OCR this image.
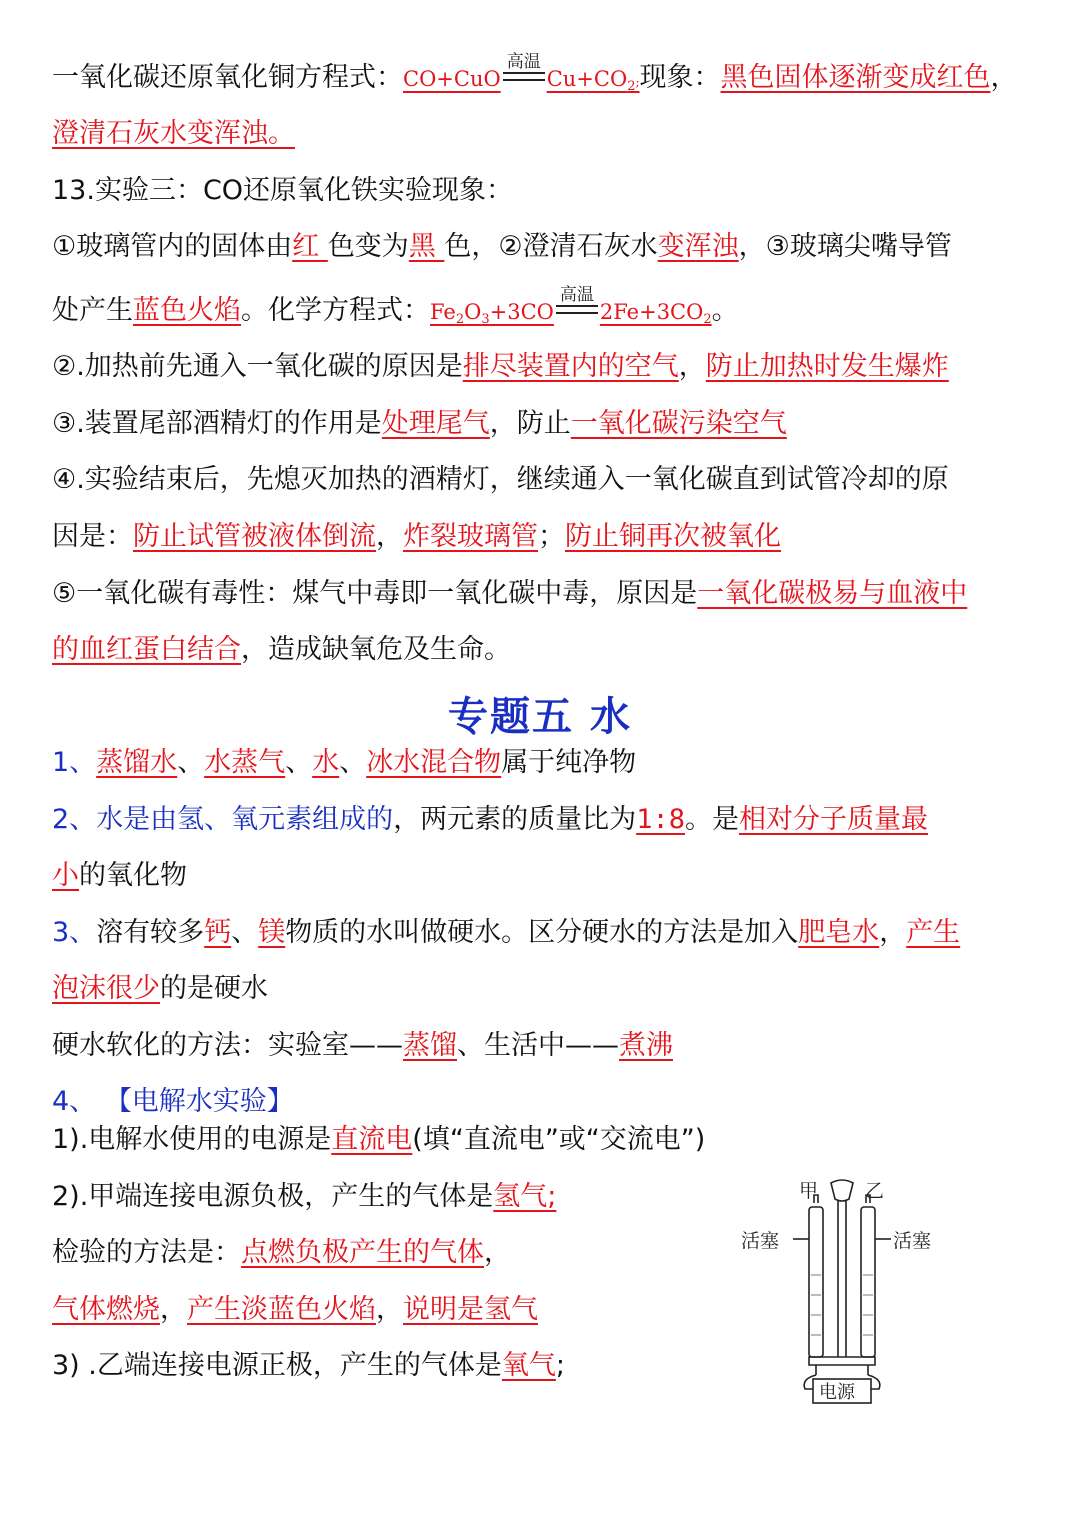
一氧化碳还原氧化铜方程式：CO+CuO
高温
$Cu+CO_2$;现象：黑色固体逐渐变成红色，
澄清石灰水变浑浊。
13.实验三：CO还原氧化铁实验现象：
①玻璃管内的固体由红 色变为黑 色，②澄清石灰水变浑浊，③玻璃尖嘴导管
处产生蓝色火焰。化学方程式：$Fe_2O_3+3CO$
高温
$2Fe+3CO_2$。
②.加热前先通入一氧化碳的原因是排尽装置内的空气，防止加热时发生爆炸
③.装置尾部酒精灯的作用是处理尾气，防止一氧化碳污染空气
④.实验结束后，先熄灭加热的酒精灯，继续通入一氧化碳直到试管冷却的原
因是：防止试管被液体倒流，炸裂玻璃管；防止铜再次被氧化
⑤一氧化碳有毒性：煤气中毒即一氧化碳中毒，原因是一氧化碳极易与血液中
的血红蛋白结合，造成缺氧危及生命。
专题五 水
1、蒸馏水、水蒸气、水、冰水混合物属于纯净物
2、水是由氢、氧元素组成的，两元素的质量比为1:8。是相对分子质量最
小的氧化物
3、溶有较多钙、镁物质的水叫做硬水。区分硬水的方法是加入肥皂水，产生
泡沫很少的是硬水
硬水软化的方法：实验室——蒸馏、生活中——煮沸
4、 【电解水实验】
1).电解水使用的电源是直流电(填“直流电”或“交流电”)
2).甲端连接电源负极，产生的气体是氢气;
检验的方法是：点燃负极产生的气体，
气体燃烧，产生淡蓝色火焰，说明是氢气
3) .乙端连接电源正极，产生的气体是氧气;
甲 乙
活塞	活塞
电源
